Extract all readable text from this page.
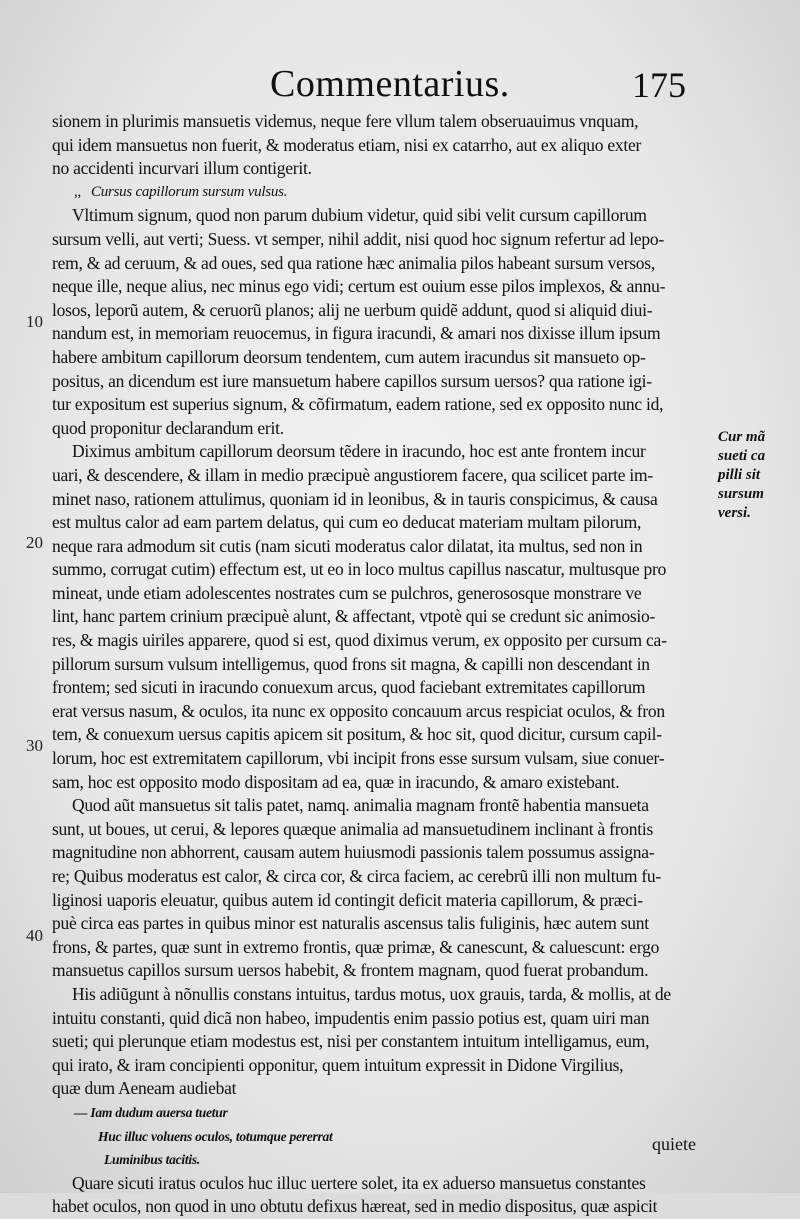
Commentarius.	175

sionem in plurimis mansuetis videmus, neque fere vllum talem obseruauimus vnquam,
qui idem mansuetus non fuerit, & moderatus etiam, nisi ex catarrho, aut ex aliquo exter
no accidenti incurvari illum contigerit.
,, Cursus capillorum sursum vulsus.
Vltimum signum, quod non parum dubium videtur, quid sibi velit cursum capillorum
sursum velli, aut verti; Suess. vt semper, nihil addit, nisi quod hoc signum refertur ad lepo-
rem, & ad ceruum, & ad oues, sed qua ratione hæc animalia pilos habeant sursum versos,
neque ille, neque alius, nec minus ego vidi; certum est ouium esse pilos implexos, & annu-
losos, leporũ autem, & ceruorũ planos; alij ne uerbum quidẽ addunt, quod si aliquid diui-
nandum est, in memoriam reuocemus, in figura iracundi, & amari nos dixisse illum ipsum
habere ambitum capillorum deorsum tendentem, cum autem iracundus sit mansueto op-
positus, an dicendum est iure mansuetum habere capillos sursum uersos? qua ratione igi-
tur expositum est superius signum, & cõfirmatum, eadem ratione, sed ex opposito nunc id,
quod proponitur declarandum erit.
Diximus ambitum capillorum deorsum tẽdere in iracundo, hoc est ante frontem incur
uari, & descendere, & illam in medio præcipuè angustiorem facere, qua scilicet parte im-
minet naso, rationem attulimus, quoniam id in leonibus, & in tauris conspicimus, & causa
est multus calor ad eam partem delatus, qui cum eo deducat materiam multam pilorum,
neque rara admodum sit cutis (nam sicuti moderatus calor dilatat, ita multus, sed non in
summo, corrugat cutim) effectum est, ut eo in loco multus capillus nascatur, multusque pro
mineat, unde etiam adolescentes nostrates cum se pulchros, generososque monstrare ve
lint, hanc partem crinium præcipuè alunt, & affectant, vtpotè qui se credunt sic animosio-
res, & magis uiriles apparere, quod si est, quod diximus verum, ex opposito per cursum ca-
pillorum sursum vulsum intelligemus, quod frons sit magna, & capilli non descendant in
frontem; sed sicuti in iracundo conuexum arcus, quod faciebant extremitates capillorum
erat versus nasum, & oculos, ita nunc ex opposito concauum arcus respiciat oculos, & fron
tem, & conuexum uersus capitis apicem sit positum, & hoc sit, quod dicitur, cursum capil-
lorum, hoc est extremitatem capillorum, vbi incipit frons esse sursum vulsam, siue conuer-
sam, hoc est opposito modo dispositam ad ea, quæ in iracundo, & amaro existebant.
Quod aũt mansuetus sit talis patet, namq. animalia magnam frontẽ habentia mansueta
sunt, ut boues, ut cerui, & lepores quæque animalia ad mansuetudinem inclinant à frontis
magnitudine non abhorrent, causam autem huiusmodi passionis talem possumus assigna-
re; Quibus moderatus est calor, & circa cor, & circa faciem, ac cerebrũ illi non multum fu-
liginosi uaporis eleuatur, quibus autem id contingit deficit materia capillorum, & præci-
puè circa eas partes in quibus minor est naturalis ascensus talis fuliginis, hæc autem sunt
frons, & partes, quæ sunt in extremo frontis, quæ primæ, & canescunt, & caluescunt: ergo
mansuetus capillos sursum uersos habebit, & frontem magnam, quod fuerat probandum.
His adiũgunt à nõnullis constans intuitus, tardus motus, uox grauis, tarda, & mollis, at de
intuitu constanti, quid dicã non habeo, impudentis enim passio potius est, quam uiri man
sueti; qui plerunque etiam modestus est, nisi per constantem intuitum intelligamus, eum,
qui irato, & iram concipienti opponitur, quem intuitum expressit in Didone Virgilius,
quæ dum Aeneam audiebat
— Iam dudum auersa tuetur
Huc illuc voluens oculos, totumque pererrat
Luminibus tacitis.
Quare sicuti iratus oculos huc illuc uertere solet, ita ex aduerso mansuetus constantes
habet oculos, non quod in uno obtutu defixus hæreat, sed in medio dispositus, quæ aspicit
10
20
30
40
Cur mã
sueti ca
pilli sit
sursum
versi.
quiete
